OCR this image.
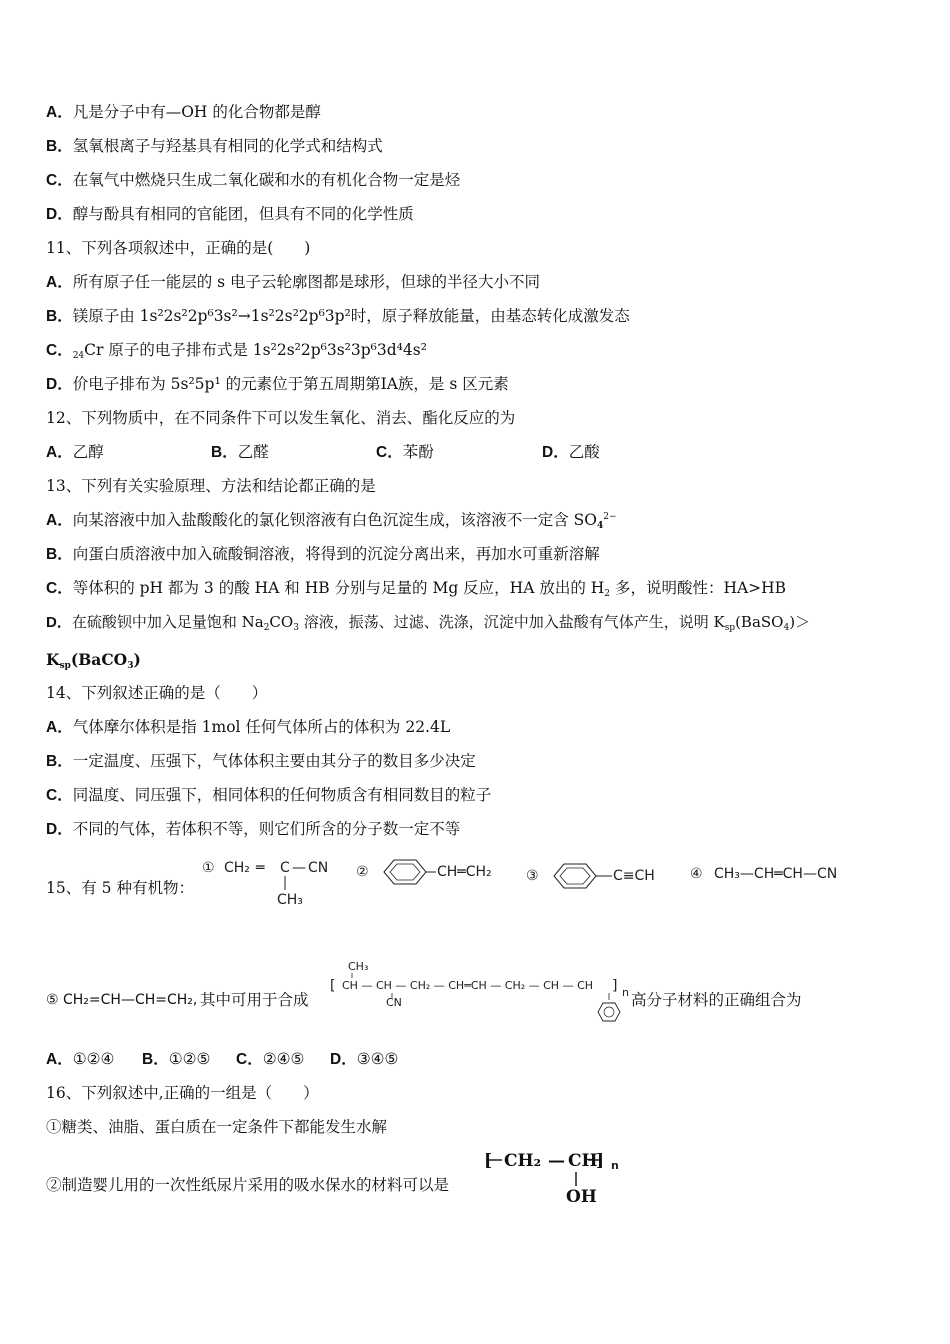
A．凡是分子中有—OH 的化合物都是醇
B．氢氧根离子与羟基具有相同的化学式和结构式
C．在氧气中燃烧只生成二氧化碳和水的有机化合物一定是烃
D．醇与酚具有相同的官能团，但具有不同的化学性质
11、下列各项叙述中，正确的是(　　)
A．所有原子任一能层的 s 电子云轮廓图都是球形，但球的半径大小不同
B．镁原子由 1s²2s²2p⁶3s²→1s²2s²2p⁶3p²时，原子释放能量，由基态转化成激发态
C．$_{24}$Cr 原子的电子排布式是 1s²2s²2p⁶3s²3p⁶3d⁴4s²
D．价电子排布为 5s²5p¹ 的元素位于第五周期第ⅠA族，是 s 区元素
12、下列物质中，在不同条件下可以发生氧化、消去、酯化反应的为
A．乙醇	B．乙醛	C．苯酚	D．乙酸
13、下列有关实验原理、方法和结论都正确的是
A．向某溶液中加入盐酸酸化的氯化钡溶液有白色沉淀生成，该溶液不一定含 $SO_4^{2-}$
B．向蛋白质溶液中加入硫酸铜溶液，将得到的沉淀分离出来，再加水可重新溶解
C．等体积的 pH 都为 3 的酸 HA 和 HB 分别与足量的 Mg 反应，HA 放出的 $H_2$ 多，说明酸性：HA>HB
D．在硫酸钡中加入足量饱和 $Na_2CO_3$ 溶液，振荡、过滤、洗涤，沉淀中加入盐酸有气体产生，说明 $K_{sp}(BaSO_4)>$
$K_{sp}(BaCO_3)$
14、下列叙述正确的是（　　）
A．气体摩尔体积是指 1mol 任何气体所占的体积为 22.4L
B．一定温度、压强下，气体体积主要由其分子的数目多少决定
C．同温度、同压强下，相同体积的任何物质含有相同数目的粒子
D．不同的气体，若体积不等，则它们所含的分子数一定不等
15、有 5 种有机物：
① CH₂ ═ C — CN
CH₃
②	CH═CH₂ ③	C≡CH	④ CH₃—CH═CH—CN
⑤ CH₂=CH—CH=CH₂, 其中可用于合成
CH₃
[ CH — CH — CH₂ — CH═CH — CH₂ — CH — CH ] n
CN	高分子材料的正确组合为
A．①②④ B．①②⑤ C．②④⑤ D．③④⑤
16、下列叙述中,正确的一组是（　　）
①糖类、油脂、蛋白质在一定条件下都能发生水解
②制造婴儿用的一次性纸尿片采用的吸水保水的材料可以是
[ CH₂ — CH
] n
OH
